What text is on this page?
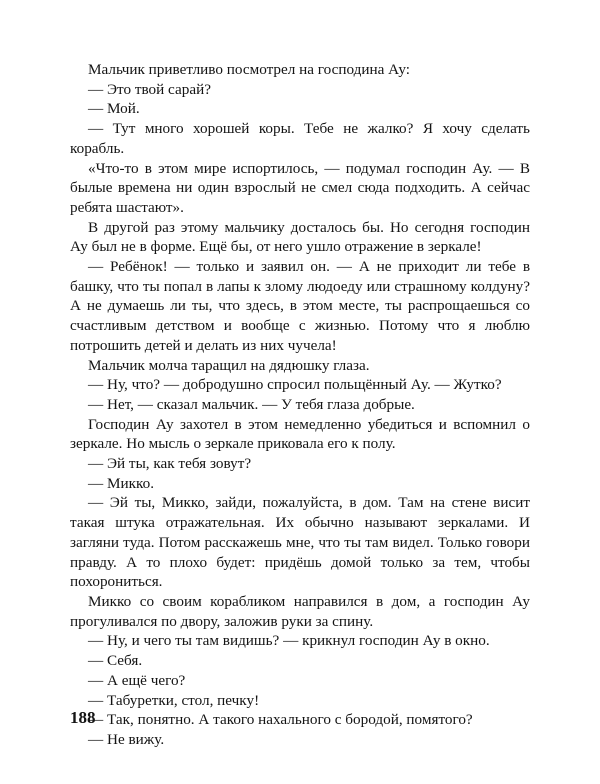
Мальчик приветливо посмотрел на господина Ау:

— Это твой сарай?

— Мой.

— Тут много хорошей коры. Тебе не жалко? Я хочу сделать корабль.

«Что-то в этом мире испортилось, — подумал господин Ау. — В былые времена ни один взрослый не смел сюда подходить. А сейчас ребята шастают».

В другой раз этому мальчику досталось бы. Но сегодня господин Ау был не в форме. Ещё бы, от него ушло отражение в зеркале!

— Ребёнок! — только и заявил он. — А не приходит ли тебе в башку, что ты попал в лапы к злому людоеду или страшному колдуну? А не думаешь ли ты, что здесь, в этом месте, ты распрощаешься со счастливым детством и вообще с жизнью. Потому что я люблю потрошить детей и делать из них чучела!

Мальчик молча таращил на дядюшку глаза.

— Ну, что? — добродушно спросил польщённый Ау. — Жутко?

— Нет, — сказал мальчик. — У тебя глаза добрые.

Господин Ау захотел в этом немедленно убедиться и вспомнил о зеркале. Но мысль о зеркале приковала его к полу.

— Эй ты, как тебя зовут?

— Микко.

— Эй ты, Микко, зайди, пожалуйста, в дом. Там на стене висит такая штука отражательная. Их обычно называют зеркалами. И загляни туда. Потом расскажешь мне, что ты там видел. Только говори правду. А то плохо будет: придёшь домой только за тем, чтобы похорониться.

Микко со своим корабликом направился в дом, а господин Ау прогуливался по двору, заложив руки за спину.

— Ну, и чего ты там видишь? — крикнул господин Ау в окно.

— Себя.

— А ещё чего?

— Табуретки, стол, печку!

— Так, понятно. А такого нахального с бородой, помятого?

— Не вижу.

188
